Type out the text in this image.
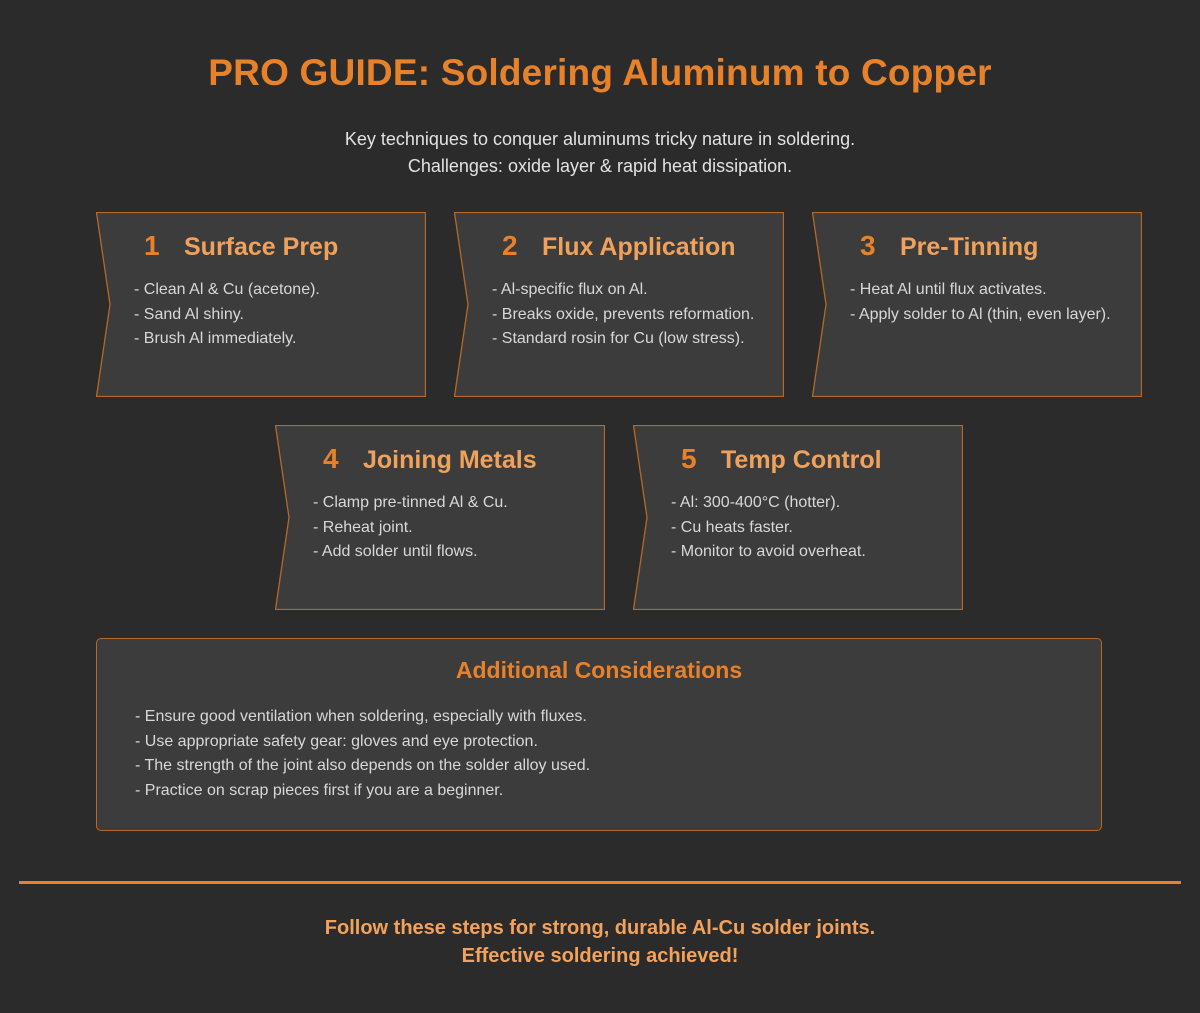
PRO GUIDE: Soldering Aluminum to Copper
Key techniques to conquer aluminums tricky nature in soldering.
Challenges: oxide layer & rapid heat dissipation.
1 Surface Prep
- Clean Al & Cu (acetone).
- Sand Al shiny.
- Brush Al immediately.
2 Flux Application
- Al-specific flux on Al.
- Breaks oxide, prevents reformation.
- Standard rosin for Cu (low stress).
3 Pre-Tinning
- Heat Al until flux activates.
- Apply solder to Al (thin, even layer).
4 Joining Metals
- Clamp pre-tinned Al & Cu.
- Reheat joint.
- Add solder until flows.
5 Temp Control
- Al: 300-400°C (hotter).
- Cu heats faster.
- Monitor to avoid overheat.
Additional Considerations
- Ensure good ventilation when soldering, especially with fluxes.
- Use appropriate safety gear: gloves and eye protection.
- The strength of the joint also depends on the solder alloy used.
- Practice on scrap pieces first if you are a beginner.
Follow these steps for strong, durable Al-Cu solder joints.
Effective soldering achieved!
